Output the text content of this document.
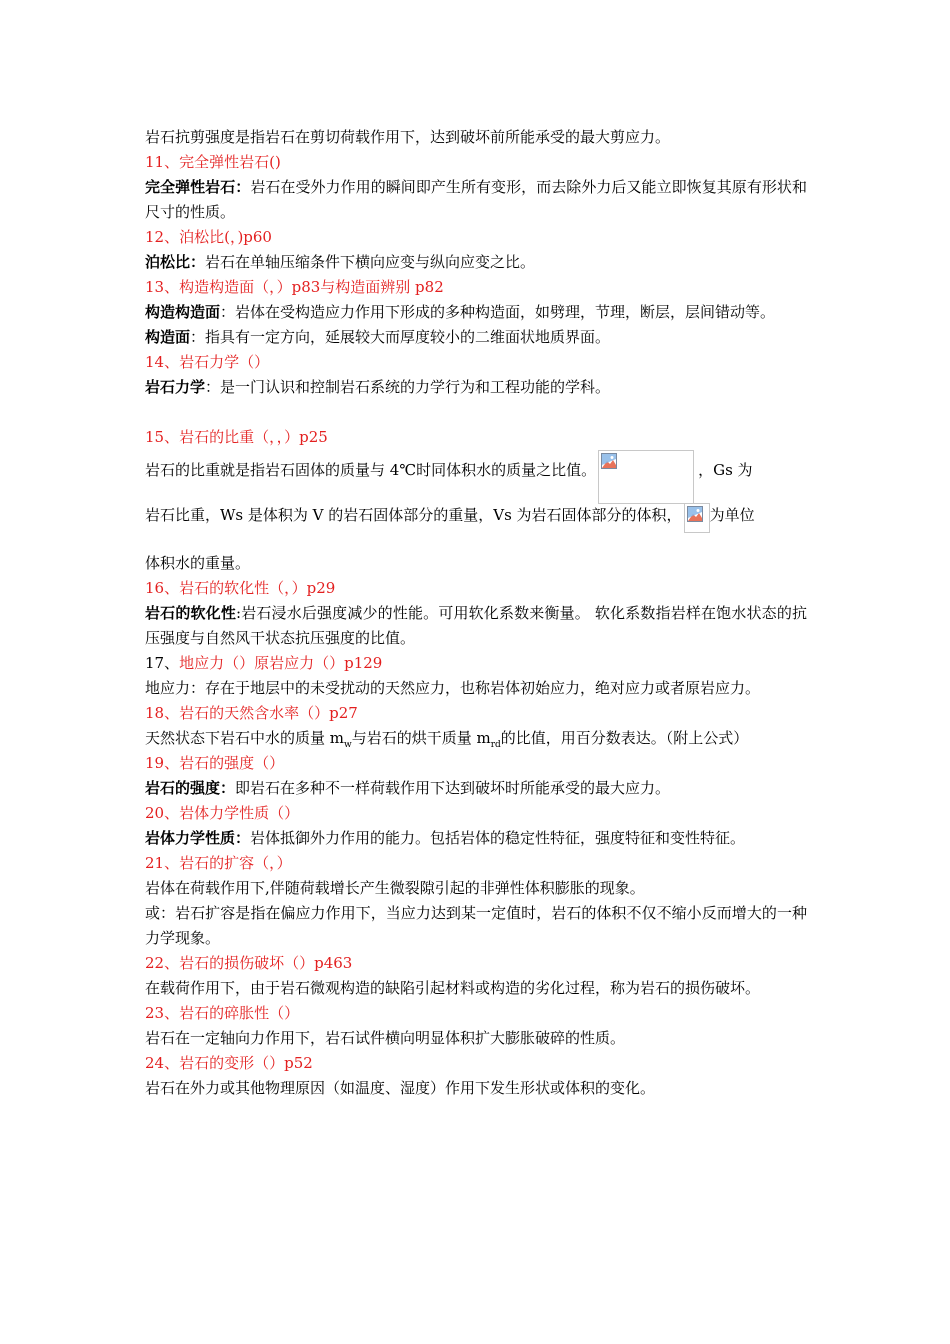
岩石抗剪强度是指岩石在剪切荷载作用下，达到破坏前所能承受的最大剪应力。

11、完全弹性岩石()

完全弹性岩石：岩石在受外力作用的瞬间即产生所有变形，而去除外力后又能立即恢复其原有形状和尺寸的性质。

12、泊松比(，)p60

泊松比：岩石在单轴压缩条件下横向应变与纵向应变之比。

13、构造构造面（，）p83与构造面辨别 p82

构造构造面：岩体在受构造应力作用下形成的多种构造面，如劈理，节理，断层，层间错动等。

构造面：指具有一定方向，延展较大而厚度较小的二维面状地质界面。

14、岩石力学（）

岩石力学：是一门认识和控制岩石系统的力学行为和工程功能的学科。

15、岩石的比重（，，）p25

岩石的比重就是指岩石固体的质量与 4℃时同体积水的质量之比值。	，Gs 为
岩石比重，Ws 是体积为 V 的岩石固体部分的重量，Vs 为岩石固体部分的体积， 为单位

体积水的重量。

16、岩石的软化性（，）p29

岩石的软化性:岩石浸水后强度减少的性能。可用软化系数来衡量。 软化系数指岩样在饱水状态的抗压强度与自然风干状态抗压强度的比值。

17、地应力（）原岩应力（）p129

地应力：存在于地层中的未受扰动的天然应力，也称岩体初始应力，绝对应力或者原岩应力。

18、岩石的天然含水率（）p27

天然状态下岩石中水的质量 $m_w$与岩石的烘干质量 $m_{rd}$的比值，用百分数表达。（附上公式）

19、岩石的强度（）

岩石的强度：即岩石在多种不一样荷载作用下达到破坏时所能承受的最大应力。

20、岩体力学性质（）

岩体力学性质：岩体抵御外力作用的能力。包括岩体的稳定性特征，强度特征和变性特征。

21、岩石的扩容（，）

岩体在荷载作用下,伴随荷载增长产生微裂隙引起的非弹性体积膨胀的现象。

或：岩石扩容是指在偏应力作用下，当应力达到某一定值时，岩石的体积不仅不缩小反而增大的一种力学现象。

22、岩石的损伤破坏（）p463

在载荷作用下，由于岩石微观构造的缺陷引起材料或构造的劣化过程，称为岩石的损伤破坏。

23、岩石的碎胀性（）

岩石在一定轴向力作用下，岩石试件横向明显体积扩大膨胀破碎的性质。

24、岩石的变形（）p52

岩石在外力或其他物理原因（如温度、湿度）作用下发生形状或体积的变化。
